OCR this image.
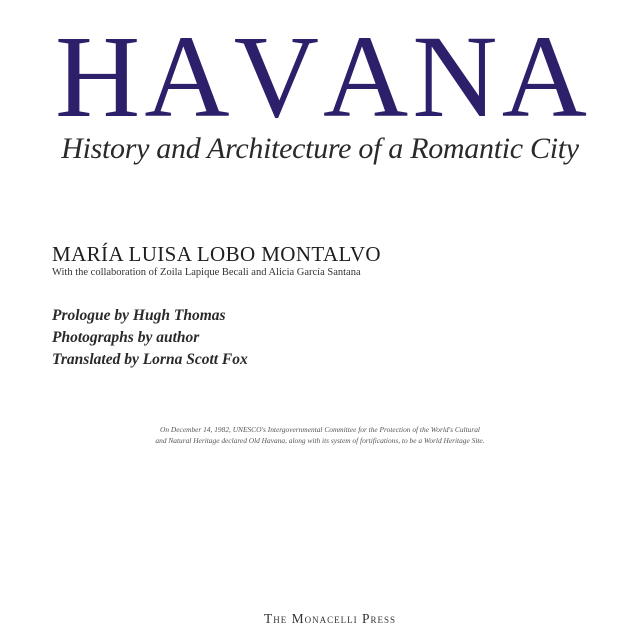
H A V A N A
History and Architecture of a Romantic City
MARÍA LUISA LOBO MONTALVO
With the collaboration of Zoila Lapique Becali and Alicia García Santana
Prologue by Hugh Thomas
Photographs by author
Translated by Lorna Scott Fox
On December 14, 1982, UNESCO's Intergovernmental Committee for the Protection of the World's Cultural
and Natural Heritage declared Old Havana, along with its system of fortifications, to be a World Heritage Site.
The Monacelli Press
